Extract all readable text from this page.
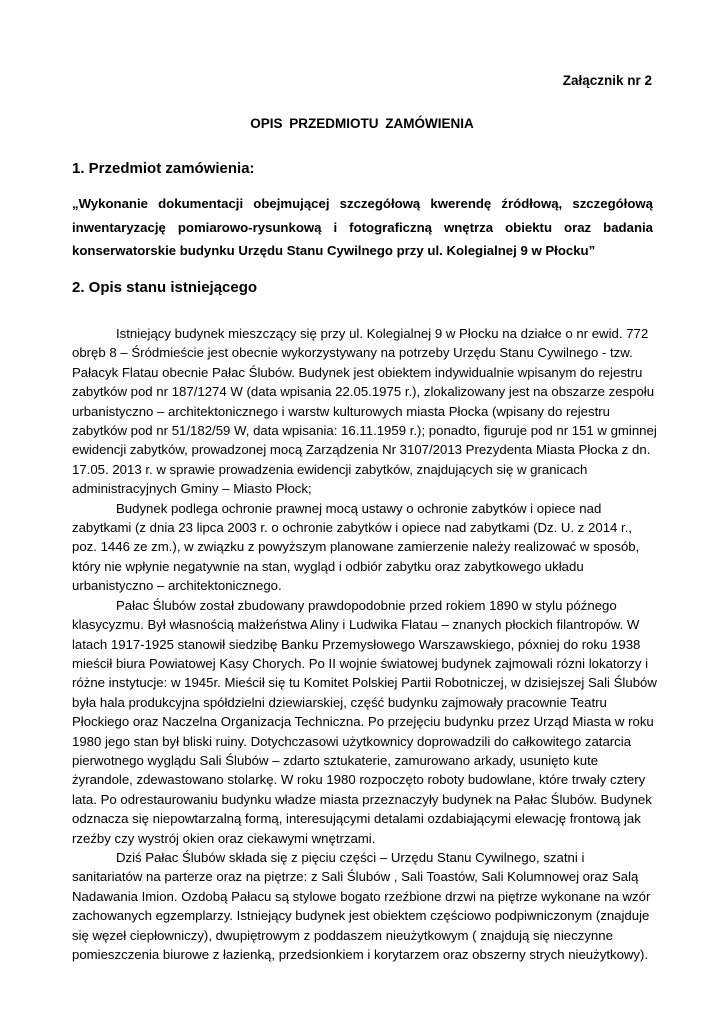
Załącznik nr 2
OPIS PRZEDMIOTU ZAMÓWIENIA
1. Przedmiot zamówienia:
„Wykonanie dokumentacji obejmującej szczegółową kwerendę źródłową, szczegółową inwentaryzację pomiarowo-rysunkową i fotograficzną wnętrza obiektu oraz badania konserwatorskie budynku Urzędu Stanu Cywilnego przy ul. Kolegialnej 9 w Płocku”
2. Opis stanu istniejącego

Istniejący budynek mieszczący się przy ul. Kolegialnej 9 w Płocku na działce o nr ewid. 772 obręb 8 – Śródmieście jest obecnie wykorzystywany na potrzeby Urzędu Stanu Cywilnego - tzw. Pałacyk Flatau obecnie Pałac Ślubów. Budynek jest obiektem indywidualnie wpisanym do rejestru zabytków pod nr 187/1274 W (data wpisania 22.05.1975 r.), zlokalizowany jest na obszarze zespołu urbanistyczno – architektonicznego i warstw kulturowych miasta Płocka (wpisany do rejestru zabytków pod nr 51/182/59 W, data wpisania: 16.11.1959 r.); ponadto, figuruje pod nr 151 w gminnej ewidencji zabytków, prowadzonej mocą Zarządzenia Nr 3107/2013 Prezydenta Miasta Płocka z dn. 17.05. 2013 r. w sprawie prowadzenia ewidencji zabytków, znajdujących się w granicach administracyjnych Gminy – Miasto Płock;

Budynek podlega ochronie prawnej mocą ustawy o ochronie zabytków i opiece nad zabytkami (z dnia 23 lipca 2003 r. o ochronie zabytków i opiece nad zabytkami (Dz. U. z 2014 r., poz. 1446 ze zm.), w związku z powyższym planowane zamierzenie należy realizować w sposób, który nie wpłynie negatywnie na stan, wygląd i odbiór zabytku oraz zabytkowego układu urbanistyczno – architektonicznego.

Pałac Ślubów został zbudowany prawdopodobnie przed rokiem 1890 w stylu późnego klasycyzmu. Był własnością małżeństwa Aliny i Ludwika Flatau – znanych płockich filantropów. W latach 1917-1925 stanowił siedzibę Banku Przemysłowego Warszawskiego, póxniej do roku 1938 mieścił biura Powiatowej Kasy Chorych. Po II wojnie światowej budynek zajmowali rózni lokatorzy i różne instytucje: w 1945r. Mieścił się tu Komitet Polskiej Partii Robotniczej, w dzisiejszej Sali Ślubów była hala produkcyjna spółdzielni dziewiarskiej, część budynku zajmowały pracownie Teatru Płockiego oraz Naczelna Organizacja Techniczna. Po przejęciu budynku przez Urząd Miasta w roku 1980 jego stan był bliski ruiny. Dotychczasowi użytkownicy doprowadzili do całkowitego zatarcia pierwotnego wyglądu Sali Ślubów – zdarto sztukaterie, zamurowano arkady, usunięto kute żyrandole, zdewastowano stolarkę. W roku 1980 rozpoczęto roboty budowlane, które trwały cztery lata. Po odrestaurowaniu budynku władze miasta przeznaczyły budynek na Pałac Ślubów. Budynek odznacza się niepowtarzalną formą, interesującymi detalami ozdabiającymi elewację frontową jak rzeźby czy wystrój okien oraz ciekawymi wnętrzami.

Dziś Pałac Ślubów składa się z pięciu części – Urzędu Stanu Cywilnego, szatni i sanitariatów na parterze oraz na piętrze: z Sali Ślubów , Sali Toastów, Sali Kolumnowej oraz Salą Nadawania Imion. Ozdobą Pałacu są stylowe bogato rzeźbione drzwi na piętrze wykonane na wzór zachowanych egzemplarzy. Istniejący budynek jest obiektem częściowo podpiwniczonym (znajduje się węzeł ciepłowniczy), dwupiętrowym z poddaszem nieużytkowym ( znajdują się nieczynne pomieszczenia biurowe z łazienką, przedsionkiem i korytarzem oraz obszerny strych nieużytkowy).
